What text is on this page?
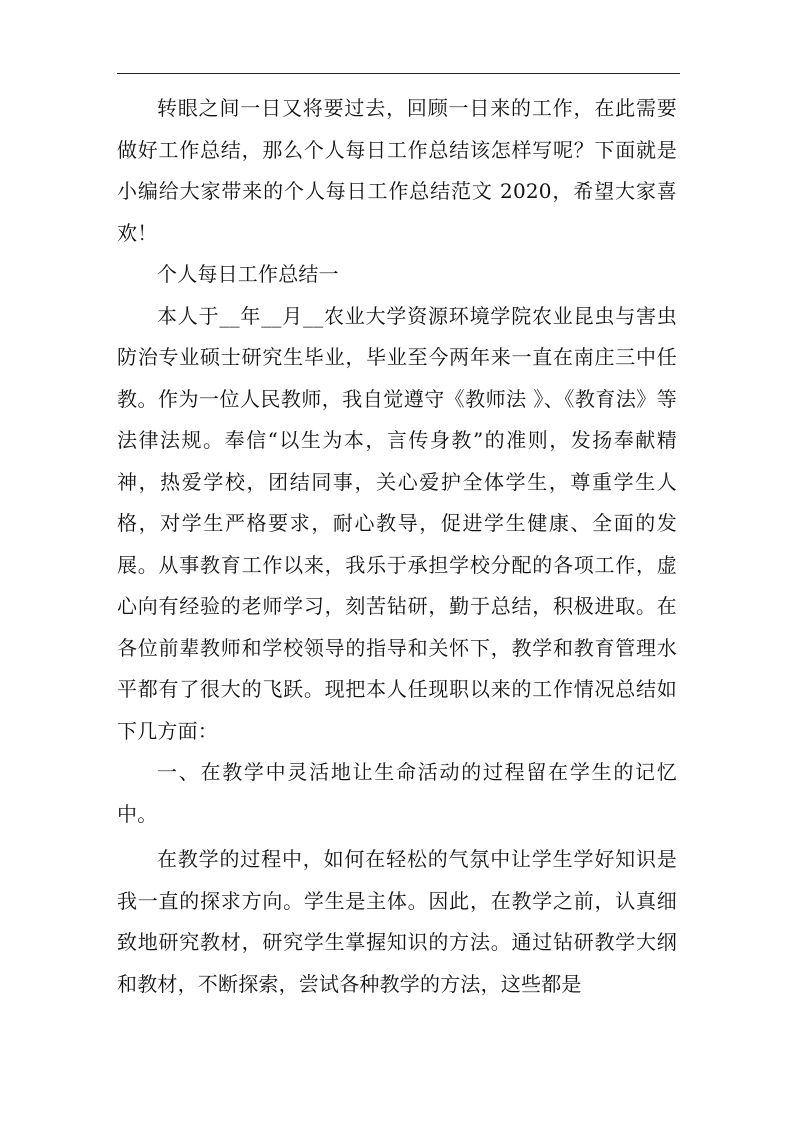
转眼之间一日又将要过去，回顾一日来的工作，在此需要做好工作总结，那么个人每日工作总结该怎样写呢？下面就是小编给大家带来的个人每日工作总结范文 2020，希望大家喜欢！

个人每日工作总结一

本人于__年__月__农业大学资源环境学院农业昆虫与害虫防治专业硕士研究生毕业，毕业至今两年来一直在南庄三中任教。作为一位人民教师，我自觉遵守《教师法 》、《教育法》等法律法规。奉信“以生为本，言传身教”的准则，发扬奉献精神，热爱学校，团结同事，关心爱护全体学生，尊重学生人格，对学生严格要求，耐心教导，促进学生健康、全面的发展。从事教育工作以来，我乐于承担学校分配的各项工作，虚心向有经验的老师学习，刻苦钻研，勤于总结，积极进取。在各位前辈教师和学校领导的指导和关怀下，教学和教育管理水平都有了很大的飞跃。现把本人任现职以来的工作情况总结如下几方面：

一、在教学中灵活地让生命活动的过程留在学生的记忆中。

在教学的过程中，如何在轻松的气氛中让学生学好知识是我一直的探求方向。学生是主体。因此，在教学之前，认真细致地研究教材，研究学生掌握知识的方法。通过钻研教学大纲和教材，不断探索，尝试各种教学的方法，这些都是
